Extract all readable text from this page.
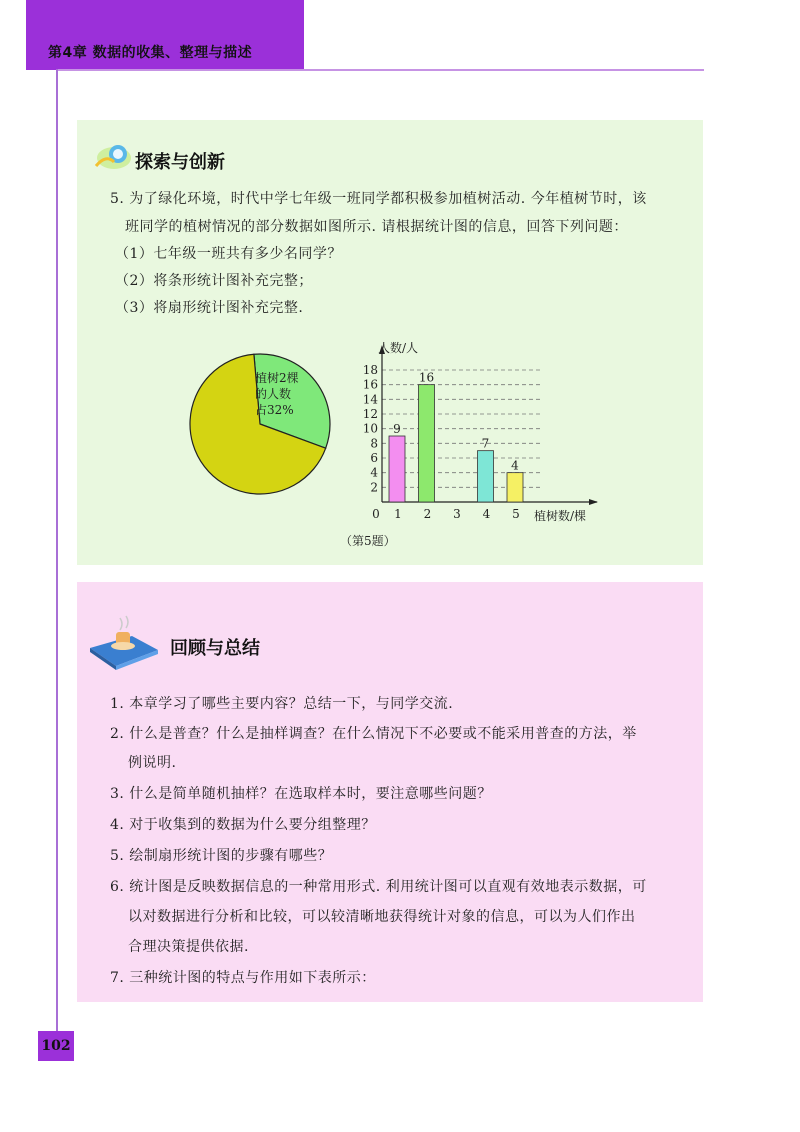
第4章 数据的收集、整理与描述
探索与创新
5. 为了绿化环境，时代中学七年级一班同学都积极参加植树活动. 今年植树节时，该
班同学的植树情况的部分数据如图所示. 请根据统计图的信息，回答下列问题：
（1）七年级一班共有多少名同学？
（2）将条形统计图补充完整；
（3）将扇形统计图补充完整.
植树2棵
的人数
占32%
2
4
6
8
10
12
14
16
18
人数/人
植树数/棵
0 1 2 3 4 5
9
16
7
4
（第5题）
回顾与总结
1. 本章学习了哪些主要内容？总结一下，与同学交流.
2. 什么是普查？什么是抽样调查？在什么情况下不必要或不能采用普查的方法，举
例说明.
3. 什么是简单随机抽样？在选取样本时，要注意哪些问题？
4. 对于收集到的数据为什么要分组整理？
5. 绘制扇形统计图的步骤有哪些？
6. 统计图是反映数据信息的一种常用形式. 利用统计图可以直观有效地表示数据，可
以对数据进行分析和比较，可以较清晰地获得统计对象的信息，可以为人们作出
合理决策提供依据.
7. 三种统计图的特点与作用如下表所示：
102
